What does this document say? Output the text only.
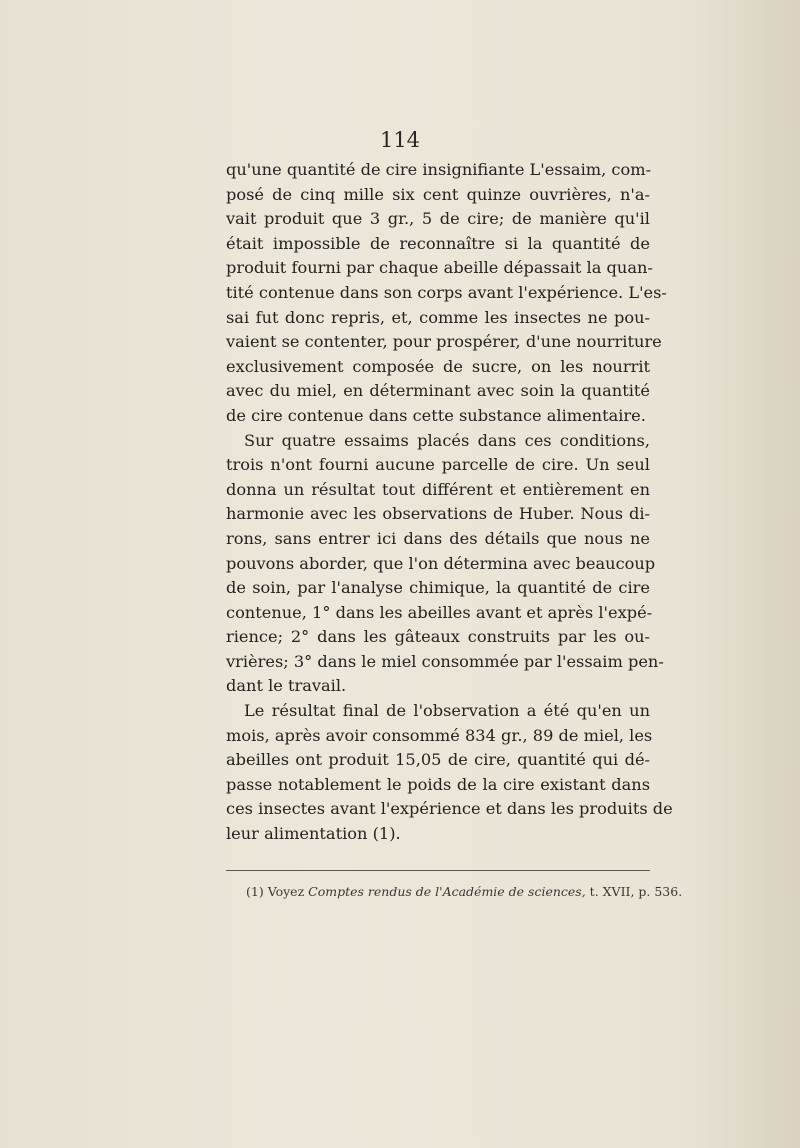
114
qu'une quantité de cire insignifiante L'essaim, com-
posé de cinq mille six cent quinze ouvrières, n'a-
vait produit que 3 gr., 5 de cire; de manière qu'il
était impossible de reconnaître si la quantité de
produit fourni par chaque abeille dépassait la quan-
tité contenue dans son corps avant l'expérience. L'es-
sai fut donc repris, et, comme les insectes ne pou-
vaient se contenter, pour prospérer, d'une nourriture
exclusivement composée de sucre, on les nourrit
avec du miel, en déterminant avec soin la quantité
de cire contenue dans cette substance alimentaire.
Sur quatre essaims placés dans ces conditions,
trois n'ont fourni aucune parcelle de cire. Un seul
donna un résultat tout différent et entièrement en
harmonie avec les observations de Huber. Nous di-
rons, sans entrer ici dans des détails que nous ne
pouvons aborder, que l'on détermina avec beaucoup
de soin, par l'analyse chimique, la quantité de cire
contenue, 1° dans les abeilles avant et après l'expé-
rience; 2° dans les gâteaux construits par les ou-
vrières; 3° dans le miel consommée par l'essaim pen-
dant le travail.
Le résultat final de l'observation a été qu'en un
mois, après avoir consommé 834 gr., 89 de miel, les
abeilles ont produit 15,05 de cire, quantité qui dé-
passe notablement le poids de la cire existant dans
ces insectes avant l'expérience et dans les produits de
leur alimentation (1).
(1) Voyez Comptes rendus de l'Académie de sciences, t. XVII, p. 536.
